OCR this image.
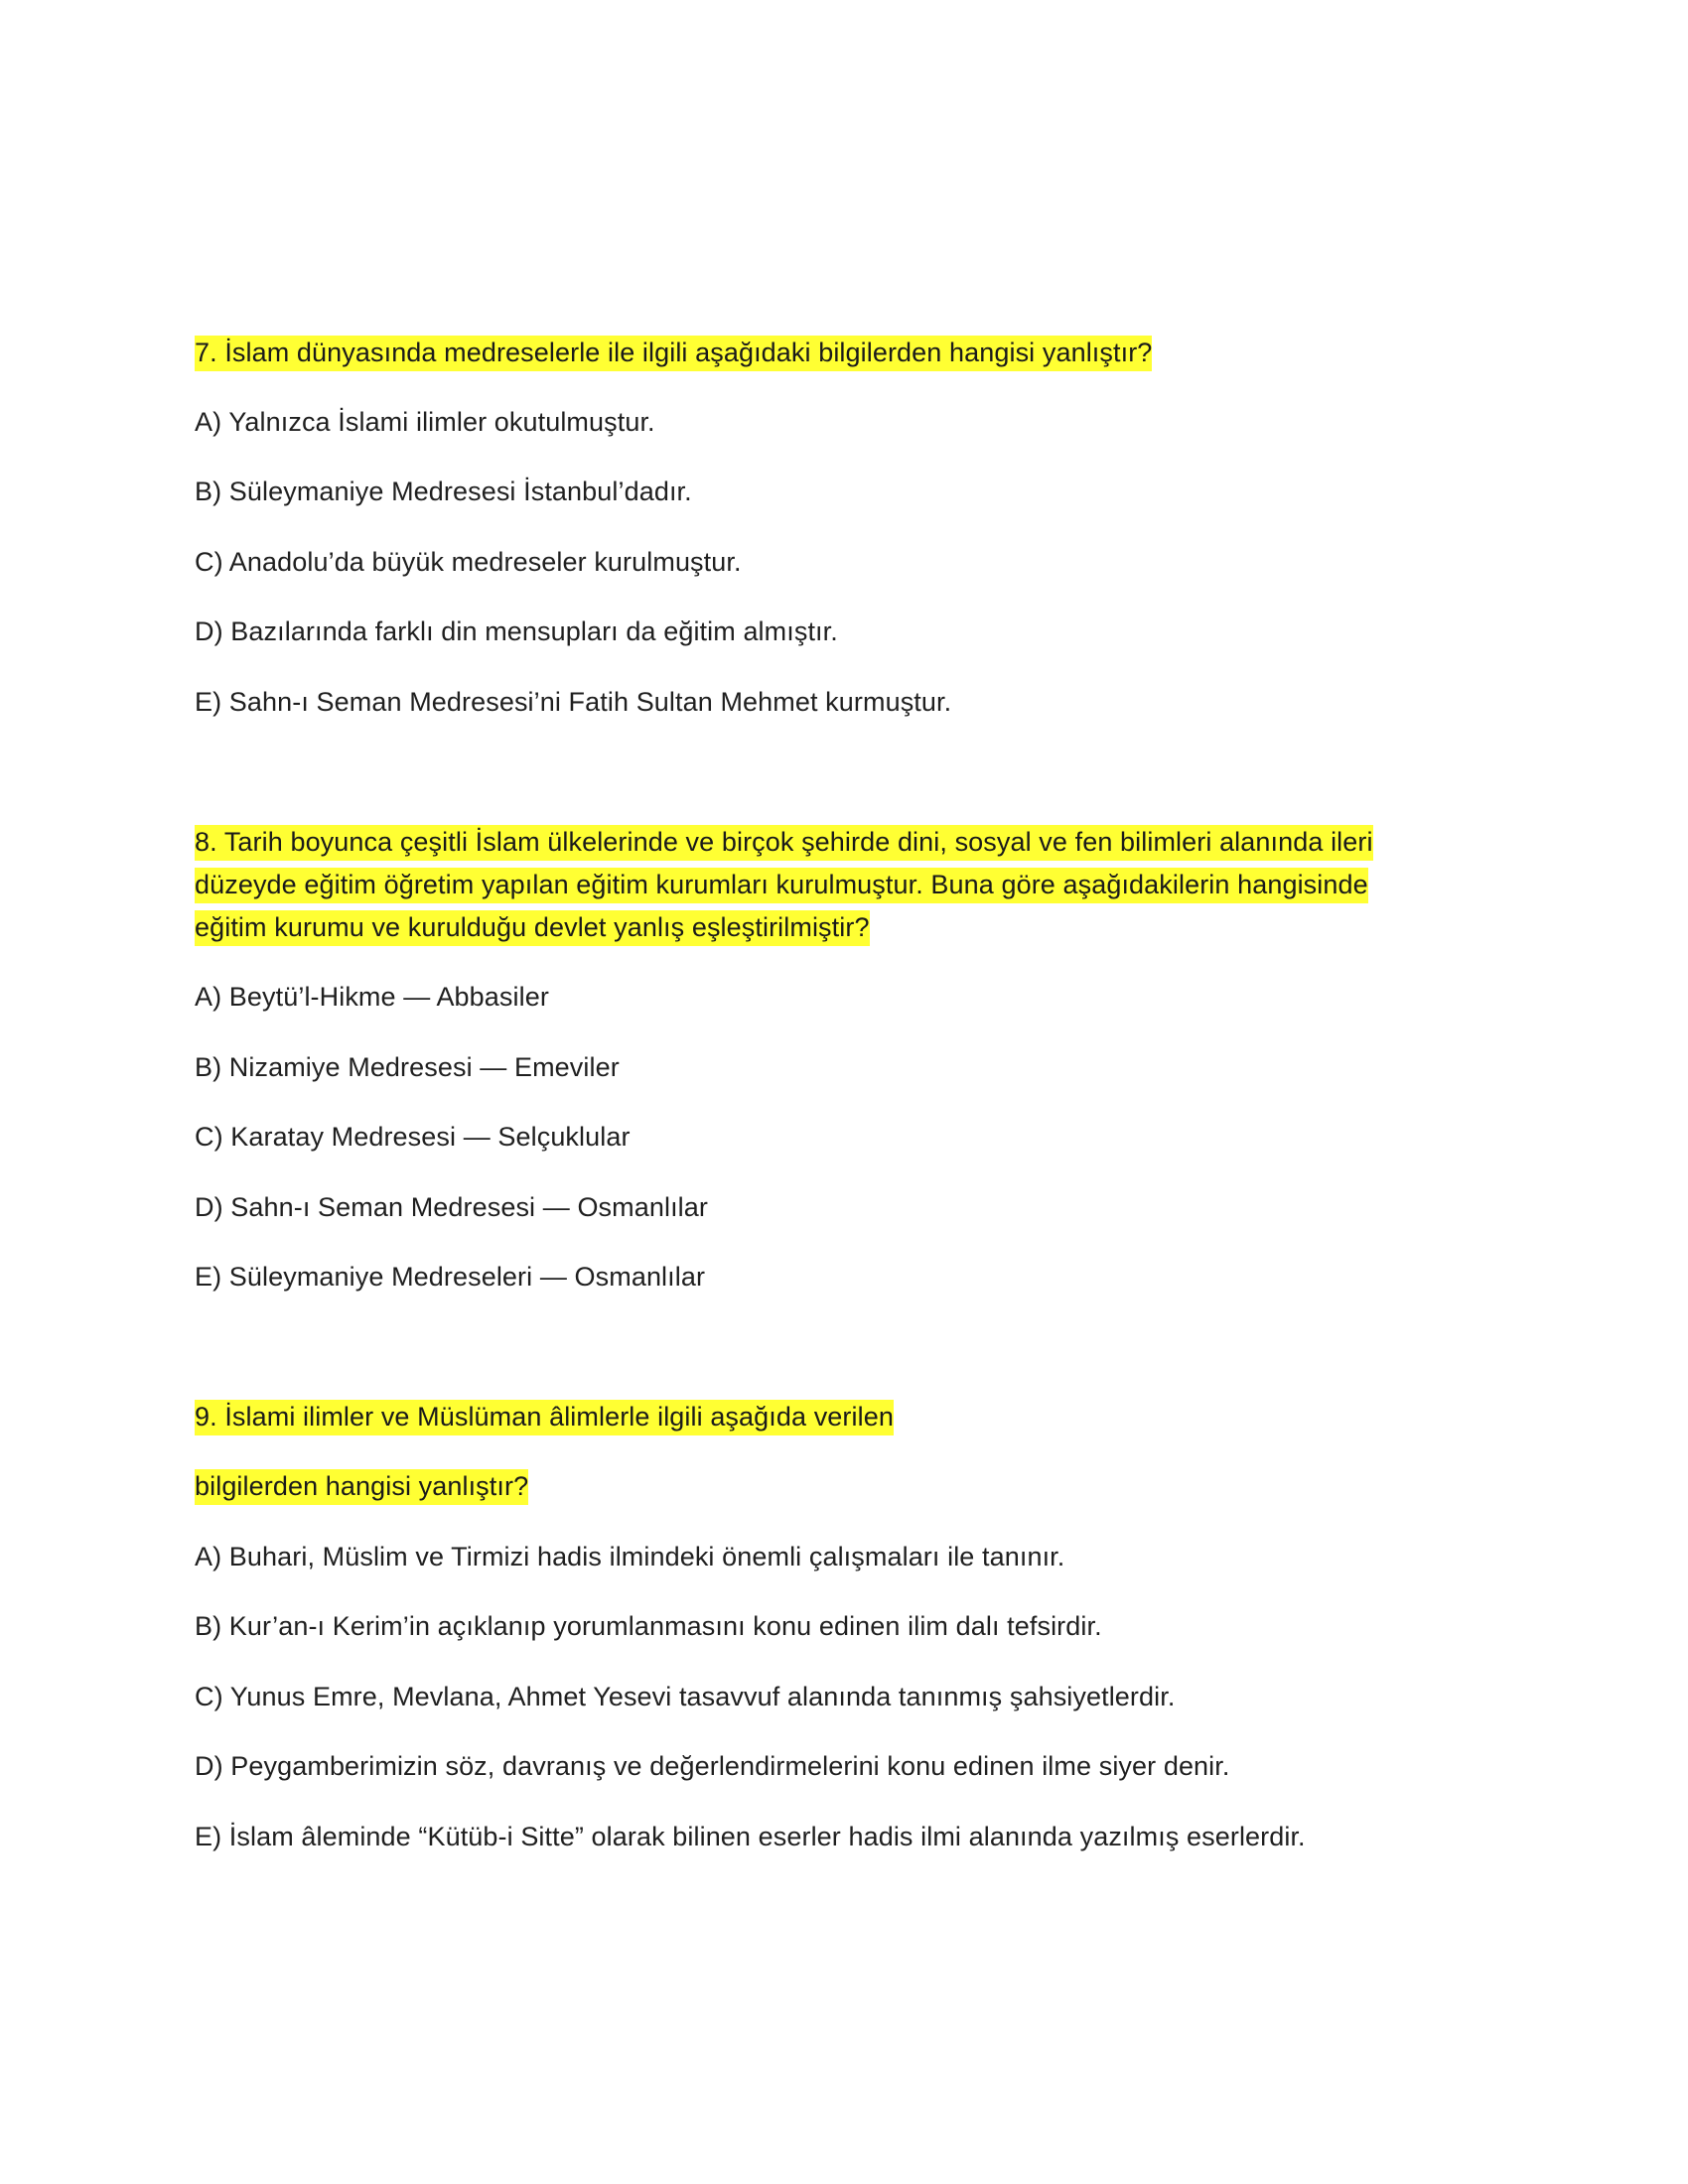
7. İslam dünyasında medreselerle ile ilgili aşağıdaki bilgilerden hangisi yanlıştır?
A) Yalnızca İslami ilimler okutulmuştur.
B) Süleymaniye Medresesi İstanbul’dadır.
C) Anadolu’da büyük medreseler kurulmuştur.
D) Bazılarında farklı din mensupları da eğitim almıştır.
E) Sahn-ı Seman Medresesi’ni Fatih Sultan Mehmet kurmuştur.
8. Tarih boyunca çeşitli İslam ülkelerinde ve birçok şehirde dini, sosyal ve fen bilimleri alanında ileri
düzeyde eğitim öğretim yapılan eğitim kurumları kurulmuştur. Buna göre aşağıdakilerin hangisinde
eğitim kurumu ve kurulduğu devlet yanlış eşleştirilmiştir?
A) Beytü’l-Hikme — Abbasiler
B) Nizamiye Medresesi — Emeviler
C) Karatay Medresesi — Selçuklular
D) Sahn-ı Seman Medresesi — Osmanlılar
E) Süleymaniye Medreseleri — Osmanlılar
9. İslami ilimler ve Müslüman âlimlerle ilgili aşağıda verilen
bilgilerden hangisi yanlıştır?
A) Buhari, Müslim ve Tirmizi hadis ilmindeki önemli çalışmaları ile tanınır.
B) Kur’an-ı Kerim’in açıklanıp yorumlanmasını konu edinen ilim dalı tefsirdir.
C) Yunus Emre, Mevlana, Ahmet Yesevi tasavvuf alanında tanınmış şahsiyetlerdir.
D) Peygamberimizin söz, davranış ve değerlendirmelerini konu edinen ilme siyer denir.
E) İslam âleminde “Kütüb-i Sitte” olarak bilinen eserler hadis ilmi alanında yazılmış eserlerdir.
